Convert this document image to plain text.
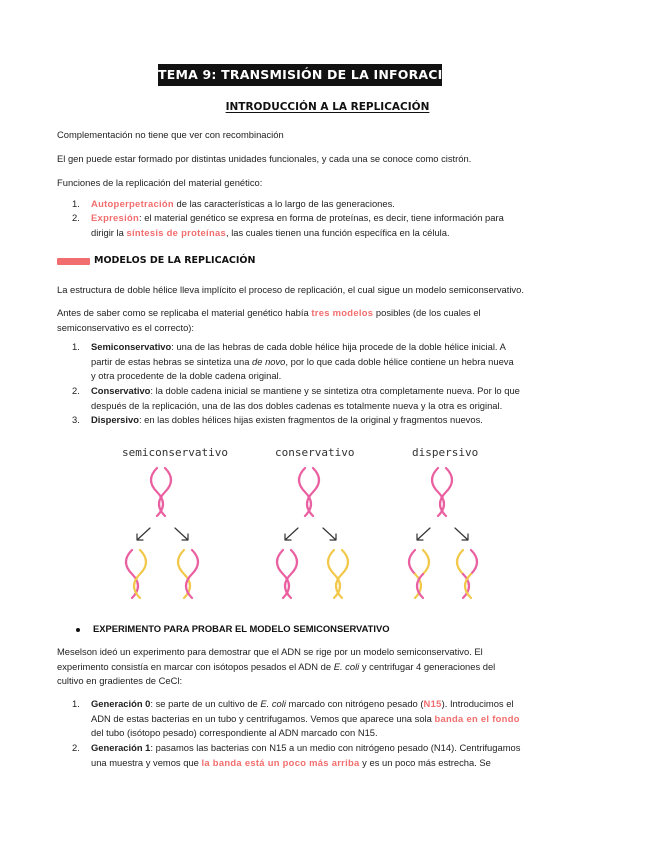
TEMA 9: TRANSMISIÓN DE LA INFORACIÓN GENÉTICA
INTRODUCCIÓN A LA REPLICACIÓN
Complementación no tiene que ver con recombinación
El gen puede estar formado por distintas unidades funcionales, y cada una se conoce como cistrón.
Funciones de la replicación del material genético:
1.	Autoperpetración de las características a lo largo de las generaciones.
2.	Expresión: el material genético se expresa en forma de proteínas, es decir, tiene información para
dirigir la síntesis de proteínas, las cuales tienen una función específica en la célula.
MODELOS DE LA REPLICACIÓN
La estructura de doble hélice lleva implícito el proceso de replicación, el cual sigue un modelo semiconservativo.
Antes de saber como se replicaba el material genético había tres modelos posibles (de los cuales el
semiconservativo es el correcto):
1.	Semiconservativo: una de las hebras de cada doble hélice hija procede de la doble hélice inicial. A
partir de estas hebras se sintetiza una de novo, por lo que cada doble hélice contiene un hebra nueva
y otra procedente de la doble cadena original.
2.	Conservativo: la doble cadena inicial se mantiene y se sintetiza otra completamente nueva. Por lo que
después de la replicación, una de las dos dobles cadenas es totalmente nueva y la otra es original.
3.	Dispersivo: en las dobles hélices hijas existen fragmentos de la original y fragmentos nuevos.
semiconservativo	conservativo	dispersivo
EXPERIMENTO PARA PROBAR EL MODELO SEMICONSERVATIVO
Meselson ideó un experimento para demostrar que el ADN se rige por un modelo semiconservativo. El
experimento consistía en marcar con isótopos pesados el ADN de E. coli y centrifugar 4 generaciones del
cultivo en gradientes de CeCl:
1.	Generación 0: se parte de un cultivo de E. coli marcado con nitrógeno pesado (N15). Introducimos el
ADN de estas bacterias en un tubo y centrifugamos. Vemos que aparece una sola banda en el fondo
del tubo (isótopo pesado) correspondiente al ADN marcado con N15.
2.	Generación 1: pasamos las bacterias con N15 a un medio con nitrógeno pesado (N14). Centrifugamos
una muestra y vemos que la banda está un poco más arriba y es un poco más estrecha. Se
